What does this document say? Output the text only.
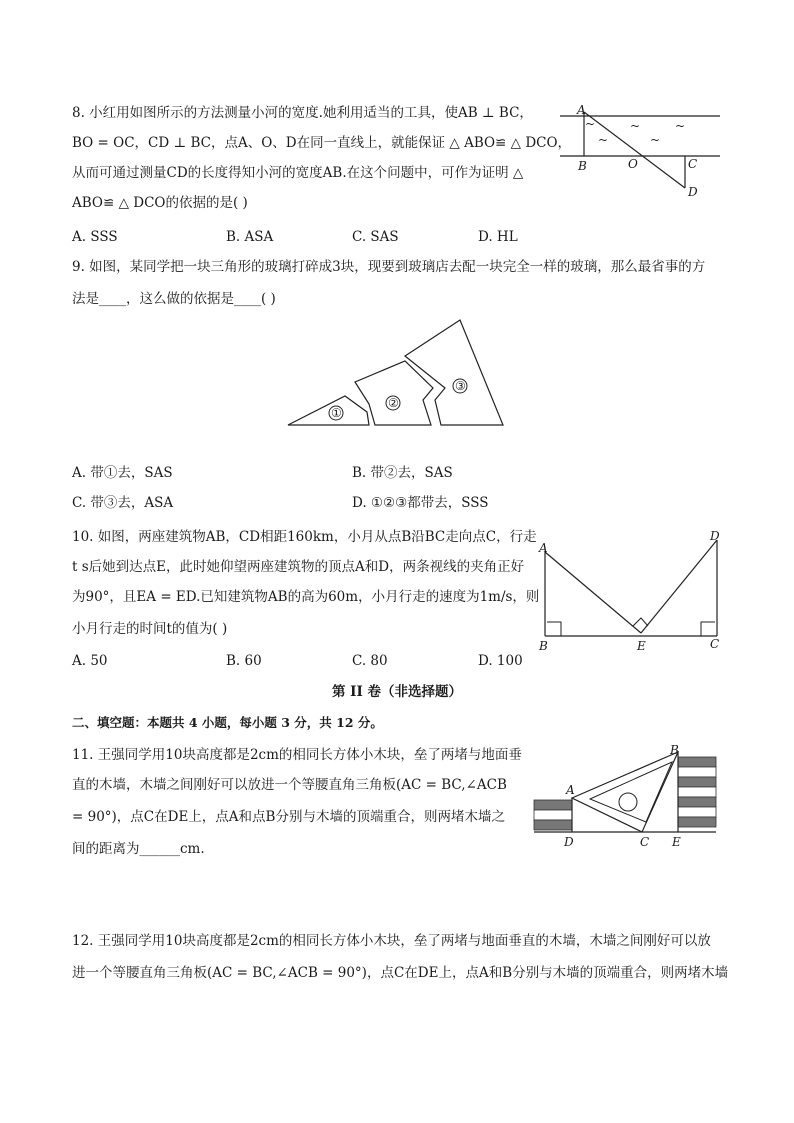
8. 小红用如图所示的方法测量小河的宽度.她利用适当的工具，使AB ⊥ BC，
BO = OC，CD ⊥ BC，点A、O、D在同一直线上，就能保证 △ ABO≌ △ DCO，
从而可通过测量CD的长度得知小河的宽度AB.在这个问题中，可作为证明 △
ABO≌ △ DCO的依据的是( )
A. SSS	B. ASA	C. SAS	D. HL
~	~
~	~
~
A
B	O	C
D
9. 如图，某同学把一块三角形的玻璃打碎成3块，现要到玻璃店去配一块完全一样的玻璃，那么最省事的方
法是____，这么做的依据是____( )
①
②
③
A. 带①去，SAS	B. 带②去，SAS
C. 带③去，ASA	D. ①②③都带去，SSS
10. 如图，两座建筑物AB，CD相距160km，小月从点B沿BC走向点C，行走
t s后她到达点E，此时她仰望两座建筑物的顶点A和D，两条视线的夹角正好
为90°，且EA = ED.已知建筑物AB的高为60m，小月行走的速度为1m/s，则
小月行走的时间t的值为( )
A
B	E	C
D
A. 50	B. 60	C. 80	D. 100
第 II 卷（非选择题）
二、填空题：本题共 4 小题，每小题 3 分，共 12 分。
11. 王强同学用10块高度都是2cm的相同长方体小木块，垒了两堵与地面垂
直的木墙，木墙之间刚好可以放进一个等腰直角三角板(AC = BC,∠ACB
= 90°)，点C在DE上，点A和点B分别与木墙的顶端重合，则两堵木墙之
间的距离为______cm.
A
B
D	C E
12. 王强同学用10块高度都是2cm的相同长方体小木块，垒了两堵与地面垂直的木墙，木墙之间刚好可以放
进一个等腰直角三角板(AC = BC,∠ACB = 90°)，点C在DE上，点A和B分别与木墙的顶端重合，则两堵木墙
